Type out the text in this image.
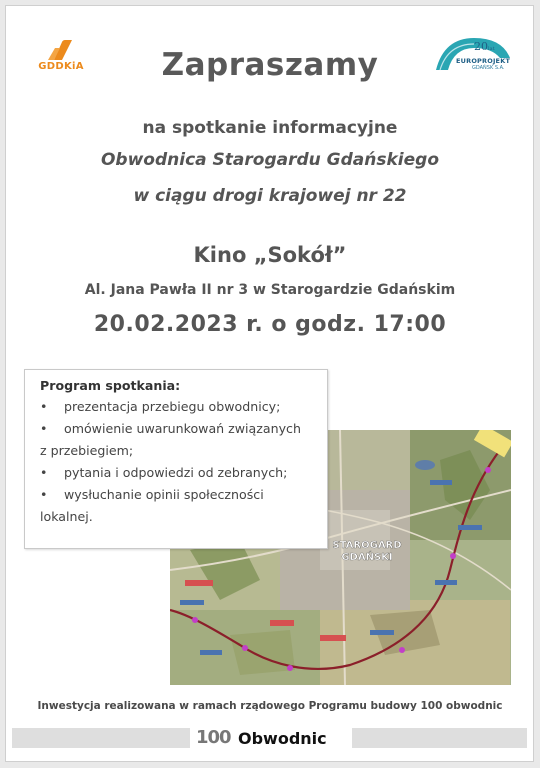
GDDKiA
20lat
EUROPROJEKT
GDAŃSK S.A.
Zapraszamy
na spotkanie informacyjne
Obwodnica Starogardu Gdańskiego
w ciągu drogi krajowej nr 22
Kino „Sokół”
Al. Jana Pawła II nr 3 w Starogardzie Gdańskim
20.02.2023 r. o godz. 17:00
STAROGARD
GDAŃSKI
Program spotkania:
• prezentacja przebiegu obwodnicy;
• omówienie uwarunkowań związanych
z przebiegiem;
• pytania i odpowiedzi od zebranych;
• wysłuchanie opinii społeczności
lokalnej.
Inwestycja realizowana w ramach rządowego Programu budowy 100 obwodnic
100 Obwodnic
